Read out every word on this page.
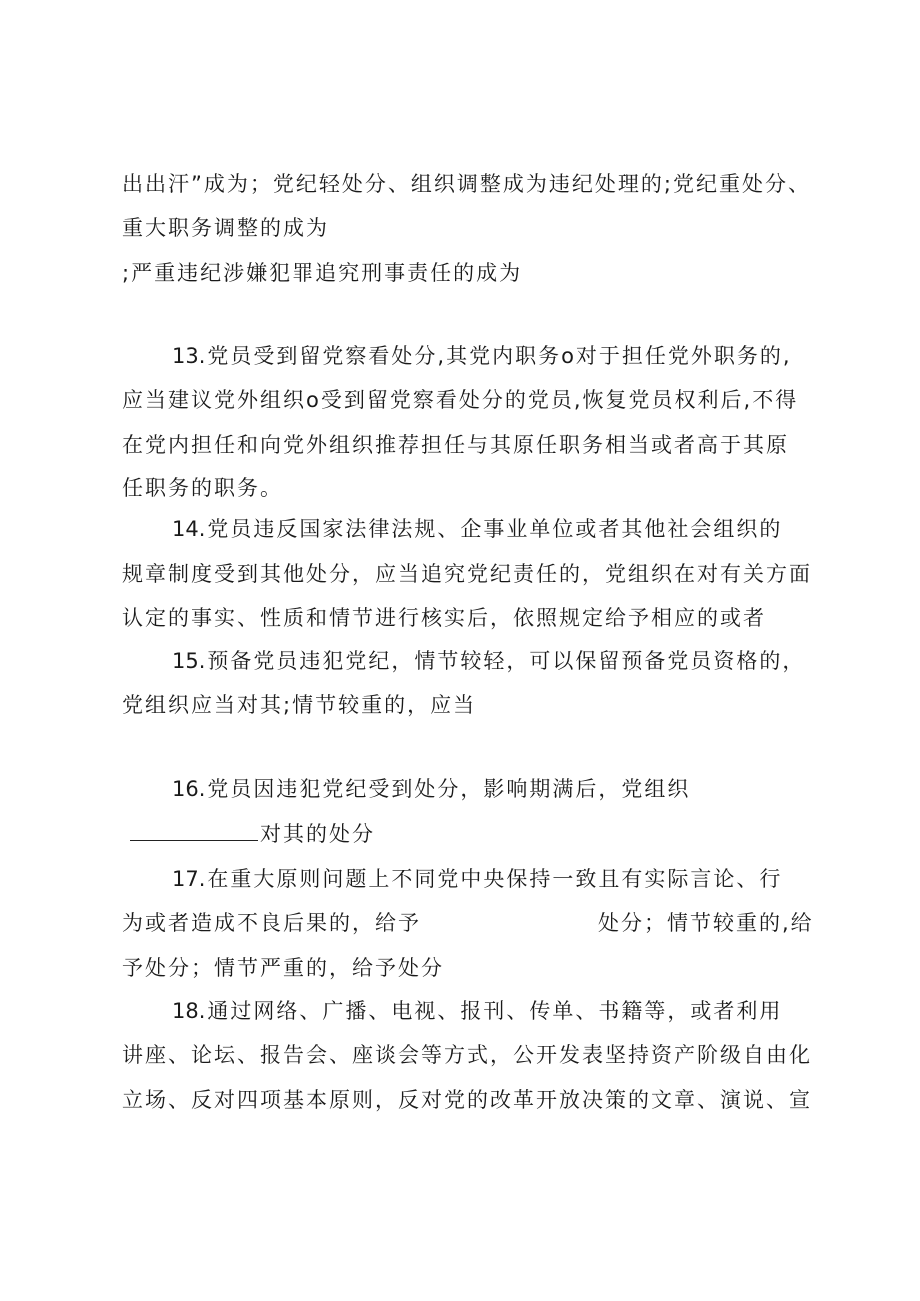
出出汗”成为；党纪轻处分、组织调整成为违纪处理的;党纪重处分、

重大职务调整的成为

;严重违纪涉嫌犯罪追究刑事责任的成为

13.党员受到留党察看处分,其党内职务o对于担任党外职务的,

应当建议党外组织o受到留党察看处分的党员,恢复党员权利后,不得

在党内担任和向党外组织推荐担任与其原任职务相当或者高于其原

任职务的职务。

14.党员违反国家法律法规、企事业单位或者其他社会组织的

规章制度受到其他处分，应当追究党纪责任的，党组织在对有关方面

认定的事实、性质和情节进行核实后，依照规定给予相应的或者

15.预备党员违犯党纪，情节较轻，可以保留预备党员资格的，

党组织应当对其;情节较重的，应当

16.党员因违犯党纪受到处分，影响期满后，党组织

对其的处分

17.在重大原则问题上不同党中央保持一致且有实际言论、行

为或者造成不良后果的，给予	处分；情节较重的,给

予处分；情节严重的，给予处分

18.通过网络、广播、电视、报刊、传单、书籍等，或者利用

讲座、论坛、报告会、座谈会等方式，公开发表坚持资产阶级自由化

立场、反对四项基本原则，反对党的改革开放决策的文章、演说、宣
